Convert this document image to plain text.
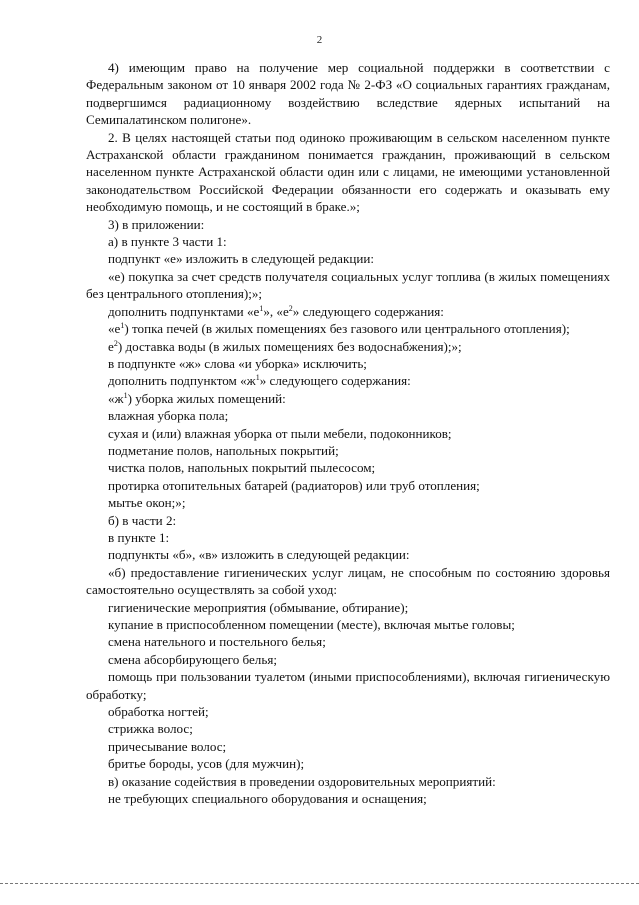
2

4) имеющим право на получение мер социальной поддержки в соответствии с Федеральным законом от 10 января 2002 года № 2-ФЗ «О социальных гарантиях гражданам, подвергшимся радиационному воздействию вследствие ядерных испытаний на Семипалатинском полигоне».

2. В целях настоящей статьи под одиноко проживающим в сельском населенном пункте Астраханской области гражданином понимается гражданин, проживающий в сельском населенном пункте Астраханской области один или с лицами, не имеющими установленной законодательством Российской Федерации обязанности его содержать и оказывать ему необходимую помощь, и не состоящий в браке.»;

3) в приложении:

а) в пункте 3 части 1:

подпункт «е» изложить в следующей редакции:

«е) покупка за счет средств получателя социальных услуг топлива (в жилых помещениях без центрального отопления);»;

дополнить подпунктами «$е^1$», «$е^2$» следующего содержания:

«$е^1$) топка печей (в жилых помещениях без газового или центрального отопления);

$е^2$) доставка воды (в жилых помещениях без водоснабжения);»;

в подпункте «ж» слова «и уборка» исключить;

дополнить подпунктом «$ж^1$» следующего содержания:

«$ж^1$) уборка жилых помещений:

влажная уборка пола;

сухая и (или) влажная уборка от пыли мебели, подоконников;

подметание полов, напольных покрытий;

чистка полов, напольных покрытий пылесосом;

протирка отопительных батарей (радиаторов) или труб отопления;

мытье окон;»;

б) в части 2:

в пункте 1:

подпункты «б», «в» изложить в следующей редакции:

«б) предоставление гигиенических услуг лицам, не способным по состоянию здоровья самостоятельно осуществлять за собой уход:

гигиенические мероприятия (обмывание, обтирание);

купание в приспособленном помещении (месте), включая мытье головы;

смена нательного и постельного белья;

смена абсорбирующего белья;

помощь при пользовании туалетом (иными приспособлениями), включая гигиеническую обработку;

обработка ногтей;

стрижка волос;

причесывание волос;

бритье бороды, усов (для мужчин);

в) оказание содействия в проведении оздоровительных мероприятий:

не требующих специального оборудования и оснащения;
